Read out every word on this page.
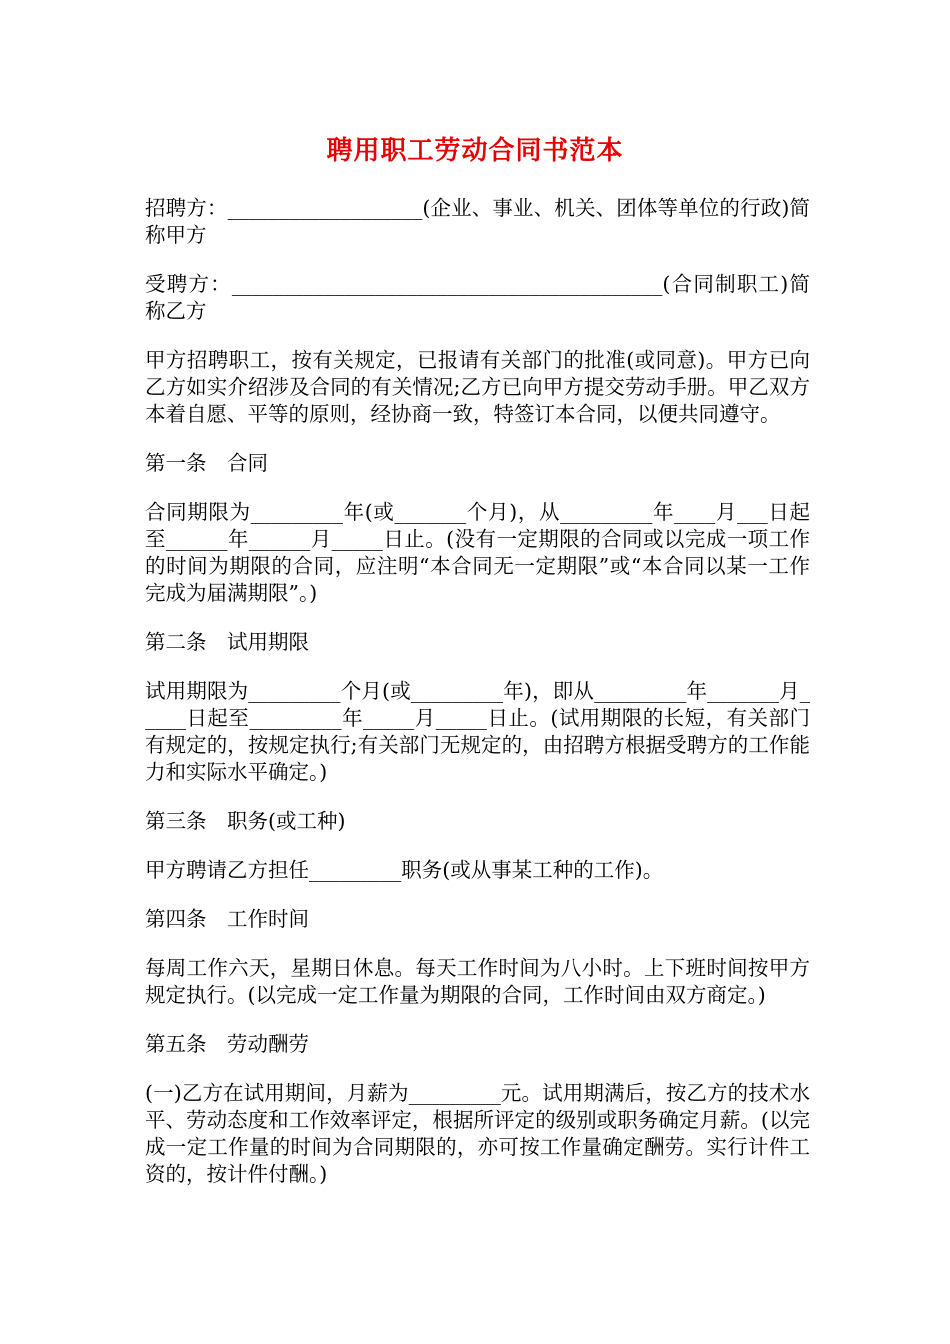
聘用职工劳动合同书范本

招聘方：___________________(企业、事业、机关、团体等单位的行政)简称甲方

受聘方：__________________________________________(合同制职工)简称乙方

甲方招聘职工，按有关规定，已报请有关部门的批准(或同意)。甲方已向乙方如实介绍涉及合同的有关情况;乙方已向甲方提交劳动手册。甲乙双方本着自愿、平等的原则，经协商一致，特签订本合同，以便共同遵守。

第一条　合同

合同期限为_________年(或_______个月)，从_________年____月___日起至______年______月_____日止。(没有一定期限的合同或以完成一项工作的时间为期限的合同，应注明“本合同无一定期限”或“本合同以某一工作完成为届满期限”。)

第二条　试用期限

试用期限为_________个月(或_________年)，即从_________年_______月_____日起至_________年_____月_____日止。(试用期限的长短，有关部门有规定的，按规定执行;有关部门无规定的，由招聘方根据受聘方的工作能力和实际水平确定。)

第三条　职务(或工种)

甲方聘请乙方担任_________职务(或从事某工种的工作)。

第四条　工作时间

每周工作六天，星期日休息。每天工作时间为八小时。上下班时间按甲方规定执行。(以完成一定工作量为期限的合同，工作时间由双方商定。)

第五条　劳动酬劳

(一)乙方在试用期间，月薪为_________元。试用期满后，按乙方的技术水平、劳动态度和工作效率评定，根据所评定的级别或职务确定月薪。(以完成一定工作量的时间为合同期限的，亦可按工作量确定酬劳。实行计件工资的，按计件付酬。)
